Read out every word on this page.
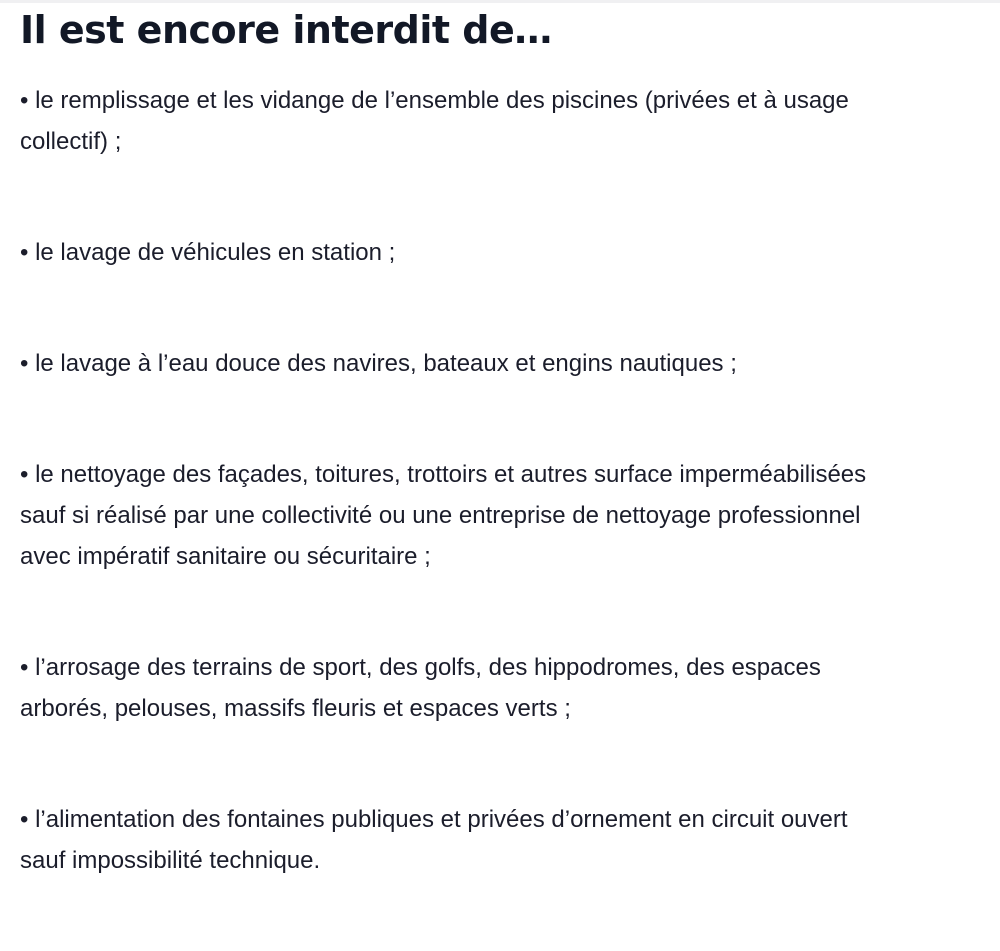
Il est encore interdit de…

• le remplissage et les vidange de l’ensemble des piscines (privées et à usage
collectif) ;

• le lavage de véhicules en station ;

• le lavage à l’eau douce des navires, bateaux et engins nautiques ;

• le nettoyage des façades, toitures, trottoirs et autres surface imperméabilisées
sauf si réalisé par une collectivité ou une entreprise de nettoyage professionnel
avec impératif sanitaire ou sécuritaire ;

• l’arrosage des terrains de sport, des golfs, des hippodromes, des espaces
arborés, pelouses, massifs fleuris et espaces verts ;

• l’alimentation des fontaines publiques et privées d’ornement en circuit ouvert
sauf impossibilité technique.
